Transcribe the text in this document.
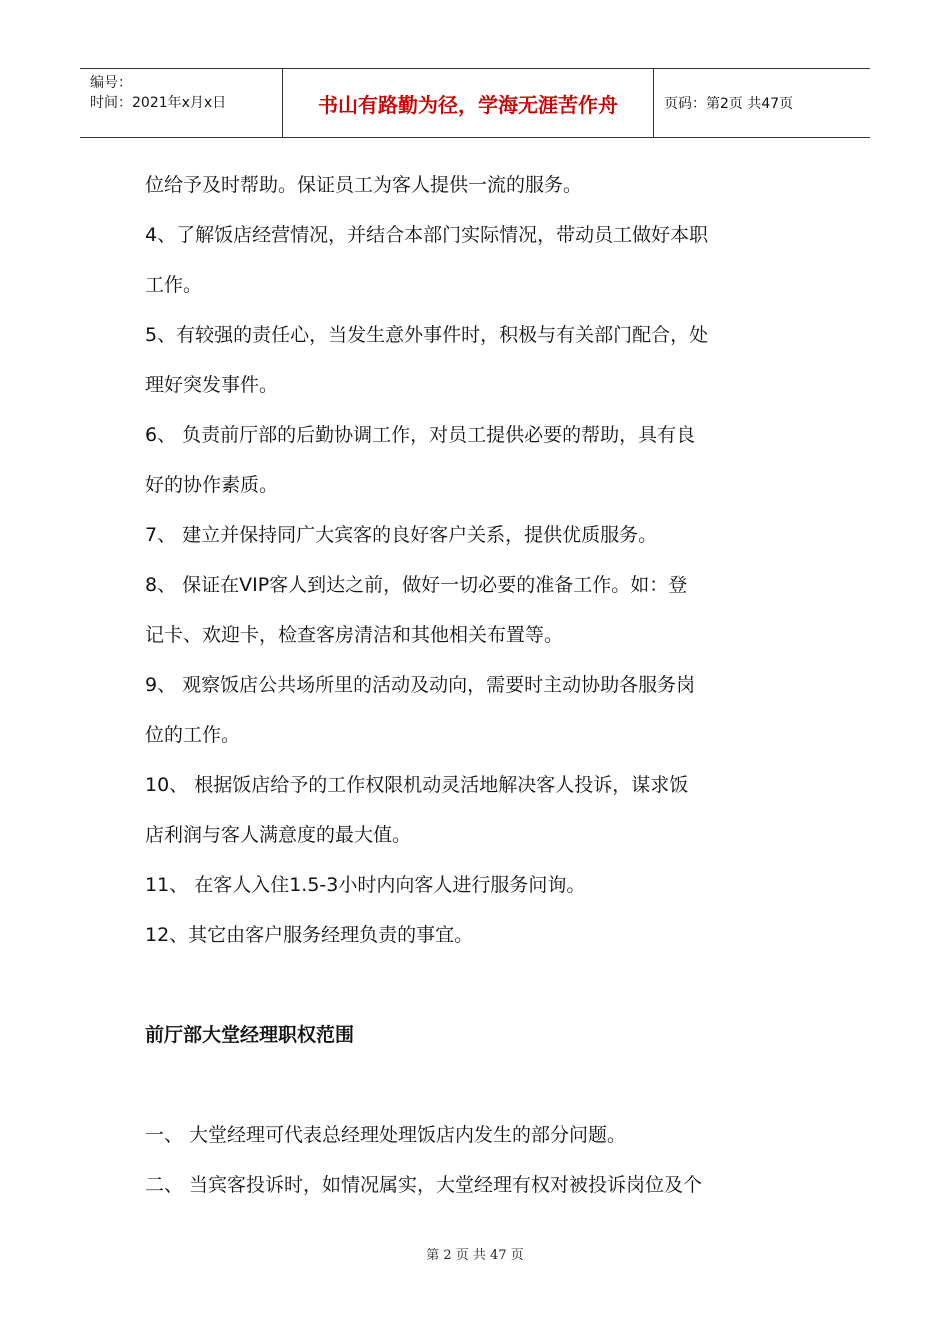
编号：
时间：2021年x月x日	书山有路勤为径，学海无涯苦作舟	页码：第2页 共47页
位给予及时帮助。保证员工为客人提供一流的服务。
4、了解饭店经营情况，并结合本部门实际情况，带动员工做好本职
工作。
5、有较强的责任心，当发生意外事件时，积极与有关部门配合，处
理好突发事件。
6、 负责前厅部的后勤协调工作，对员工提供必要的帮助，具有良
好的协作素质。
7、 建立并保持同广大宾客的良好客户关系，提供优质服务。
8、 保证在VIP客人到达之前，做好一切必要的准备工作。如：登
记卡、欢迎卡，检查客房清洁和其他相关布置等。
9、 观察饭店公共场所里的活动及动向，需要时主动协助各服务岗
位的工作。
10、 根据饭店给予的工作权限机动灵活地解决客人投诉，谋求饭
店利润与客人满意度的最大值。
11、 在客人入住1.5-3小时内向客人进行服务问询。
12、其它由客户服务经理负责的事宜。
前厅部大堂经理职权范围
一、 大堂经理可代表总经理处理饭店内发生的部分问题。
二、 当宾客投诉时，如情况属实，大堂经理有权对被投诉岗位及个
第 2 页 共 47 页
